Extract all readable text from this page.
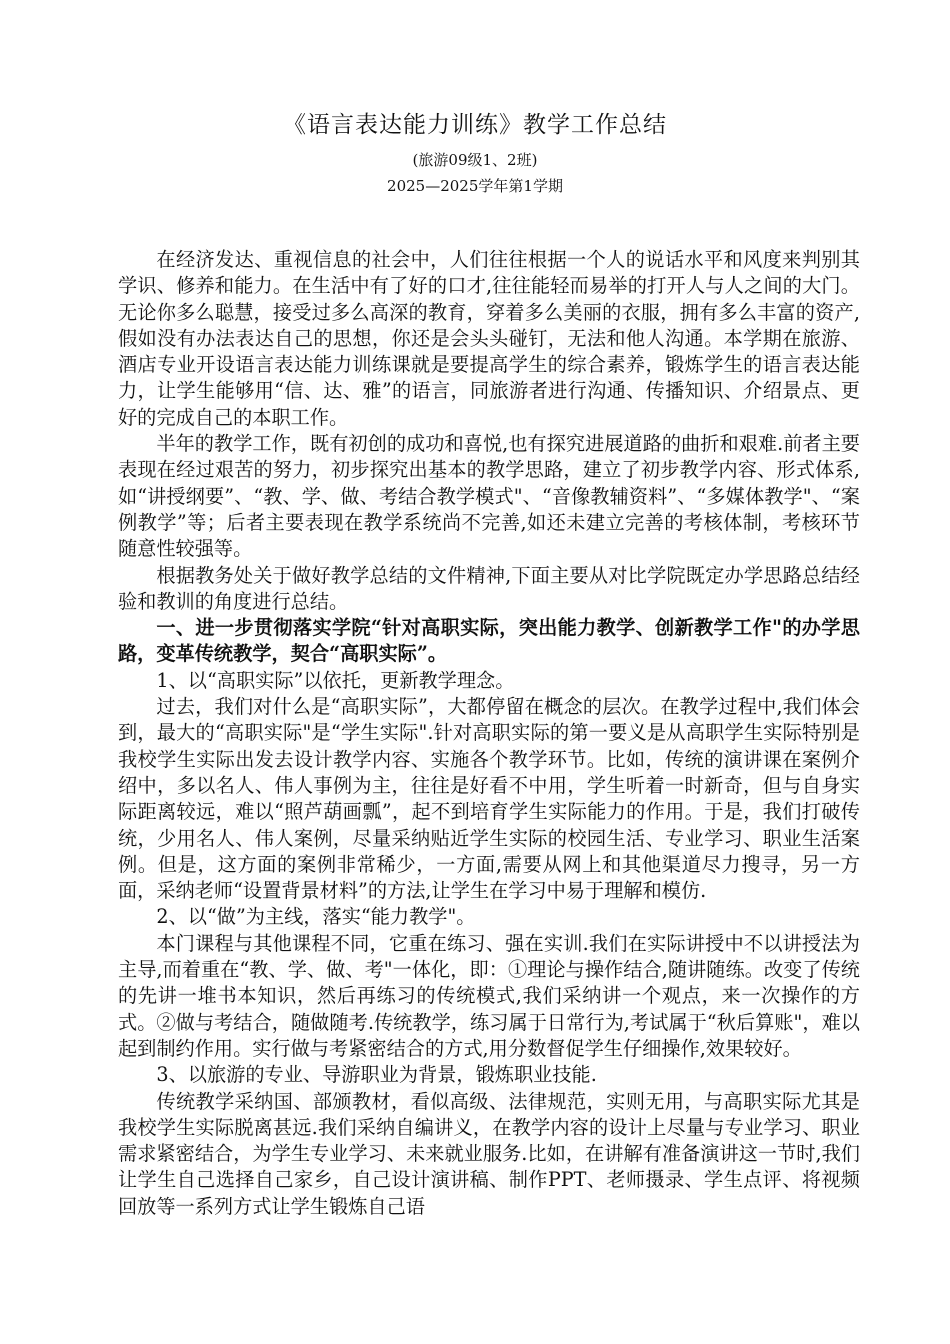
《语言表达能力训练》教学工作总结
(旅游09级1、2班)
2025—2025学年第1学期

在经济发达、重视信息的社会中，人们往往根据一个人的说话水平和风度来判别其学识、修养和能力。在生活中有了好的口才,往往能轻而易举的打开人与人之间的大门。无论你多么聪慧，接受过多么高深的教育，穿着多么美丽的衣服，拥有多么丰富的资产,假如没有办法表达自己的思想，你还是会头头碰钉，无法和他人沟通。本学期在旅游、酒店专业开设语言表达能力训练课就是要提高学生的综合素养，锻炼学生的语言表达能力，让学生能够用“信、达、雅”的语言，同旅游者进行沟通、传播知识、介绍景点、更好的完成自己的本职工作。

半年的教学工作，既有初创的成功和喜悦,也有探究进展道路的曲折和艰难.前者主要表现在经过艰苦的努力，初步探究出基本的教学思路，建立了初步教学内容、形式体系,如“讲授纲要”、“教、学、做、考结合教学模式"、“音像教辅资料”、“多媒体教学"、“案例教学”等；后者主要表现在教学系统尚不完善,如还未建立完善的考核体制，考核环节随意性较强等。

根据教务处关于做好教学总结的文件精神,下面主要从对比学院既定办学思路总结经验和教训的角度进行总结。

一、进一步贯彻落实学院“针对高职实际，突出能力教学、创新教学工作"的办学思路，变革传统教学，契合“高职实际”。

1、以“高职实际”以依托，更新教学理念。

过去，我们对什么是“高职实际”，大都停留在概念的层次。在教学过程中,我们体会到，最大的“高职实际"是“学生实际".针对高职实际的第一要义是从高职学生实际特别是我校学生实际出发去设计教学内容、实施各个教学环节。比如，传统的演讲课在案例介绍中，多以名人、伟人事例为主，往往是好看不中用，学生听着一时新奇，但与自身实际距离较远，难以“照芦葫画瓢”，起不到培育学生实际能力的作用。于是，我们打破传统，少用名人、伟人案例，尽量采纳贴近学生实际的校园生活、专业学习、职业生活案例。但是，这方面的案例非常稀少，一方面,需要从网上和其他渠道尽力搜寻，另一方面，采纳老师“设置背景材料”的方法,让学生在学习中易于理解和模仿.

2、以“做”为主线，落实“能力教学"。

本门课程与其他课程不同，它重在练习、强在实训.我们在实际讲授中不以讲授法为主导,而着重在“教、学、做、考"一体化，即：①理论与操作结合,随讲随练。改变了传统的先讲一堆书本知识，然后再练习的传统模式,我们采纳讲一个观点，来一次操作的方式。②做与考结合，随做随考.传统教学，练习属于日常行为,考试属于“秋后算账"，难以起到制约作用。实行做与考紧密结合的方式,用分数督促学生仔细操作,效果较好。

3、以旅游的专业、导游职业为背景，锻炼职业技能.

传统教学采纳国、部颁教材，看似高级、法律规范，实则无用，与高职实际尤其是我校学生实际脱离甚远.我们采纳自编讲义，在教学内容的设计上尽量与专业学习、职业需求紧密结合，为学生专业学习、未来就业服务.比如，在讲解有准备演讲这一节时,我们让学生自己选择自己家乡，自己设计演讲稿、制作PPT、老师摄录、学生点评、将视频回放等一系列方式让学生锻炼自己语
